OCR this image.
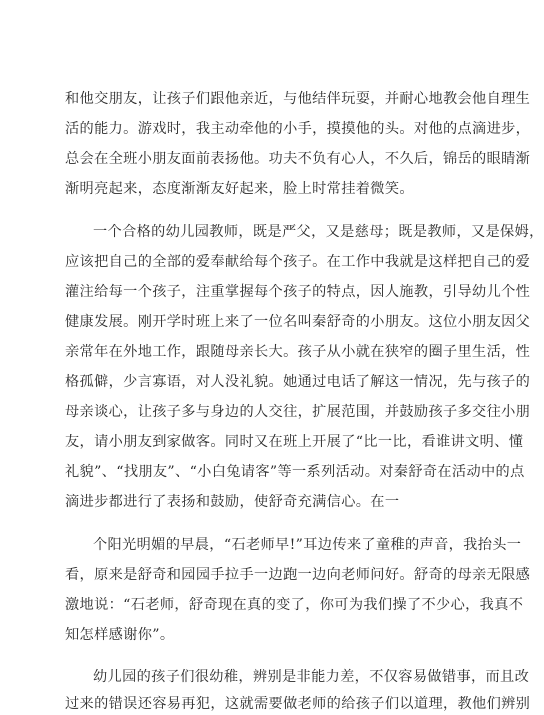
和他交朋友，让孩子们跟他亲近，与他结伴玩耍，并耐心地教会他自理生
活的能力。游戏时，我主动牵他的小手，摸摸他的头。对他的点滴进步，
总会在全班小朋友面前表扬他。功夫不负有心人，不久后，锦岳的眼睛渐
渐明亮起来，态度渐渐友好起来，脸上时常挂着微笑。
一个合格的幼儿园教师，既是严父，又是慈母；既是教师，又是保姆，
应该把自己的全部的爱奉献给每个孩子。在工作中我就是这样把自己的爱
灌注给每一个孩子，注重掌握每个孩子的特点，因人施教，引导幼儿个性
健康发展。刚开学时班上来了一位名叫秦舒奇的小朋友。这位小朋友因父
亲常年在外地工作，跟随母亲长大。孩子从小就在狭窄的圈子里生活，性
格孤僻，少言寡语，对人没礼貌。她通过电话了解这一情况，先与孩子的
母亲谈心，让孩子多与身边的人交往，扩展范围，并鼓励孩子多交往小朋
友，请小朋友到家做客。同时又在班上开展了“比一比，看谁讲文明、懂
礼貌”、“找朋友”、“小白兔请客”等一系列活动。对秦舒奇在活动中的点
滴进步都进行了表扬和鼓励，使舒奇充满信心。在一
个阳光明媚的早晨，“石老师早!”耳边传来了童稚的声音，我抬头一
看，原来是舒奇和园园手拉手一边跑一边向老师问好。舒奇的母亲无限感
激地说：“石老师，舒奇现在真的变了，你可为我们操了不少心，我真不
知怎样感谢你”。
幼儿园的孩子们很幼稚，辨别是非能力差，不仅容易做错事，而且改
过来的错误还容易再犯，这就需要做老师的给孩子们以道理，教他们辨别
